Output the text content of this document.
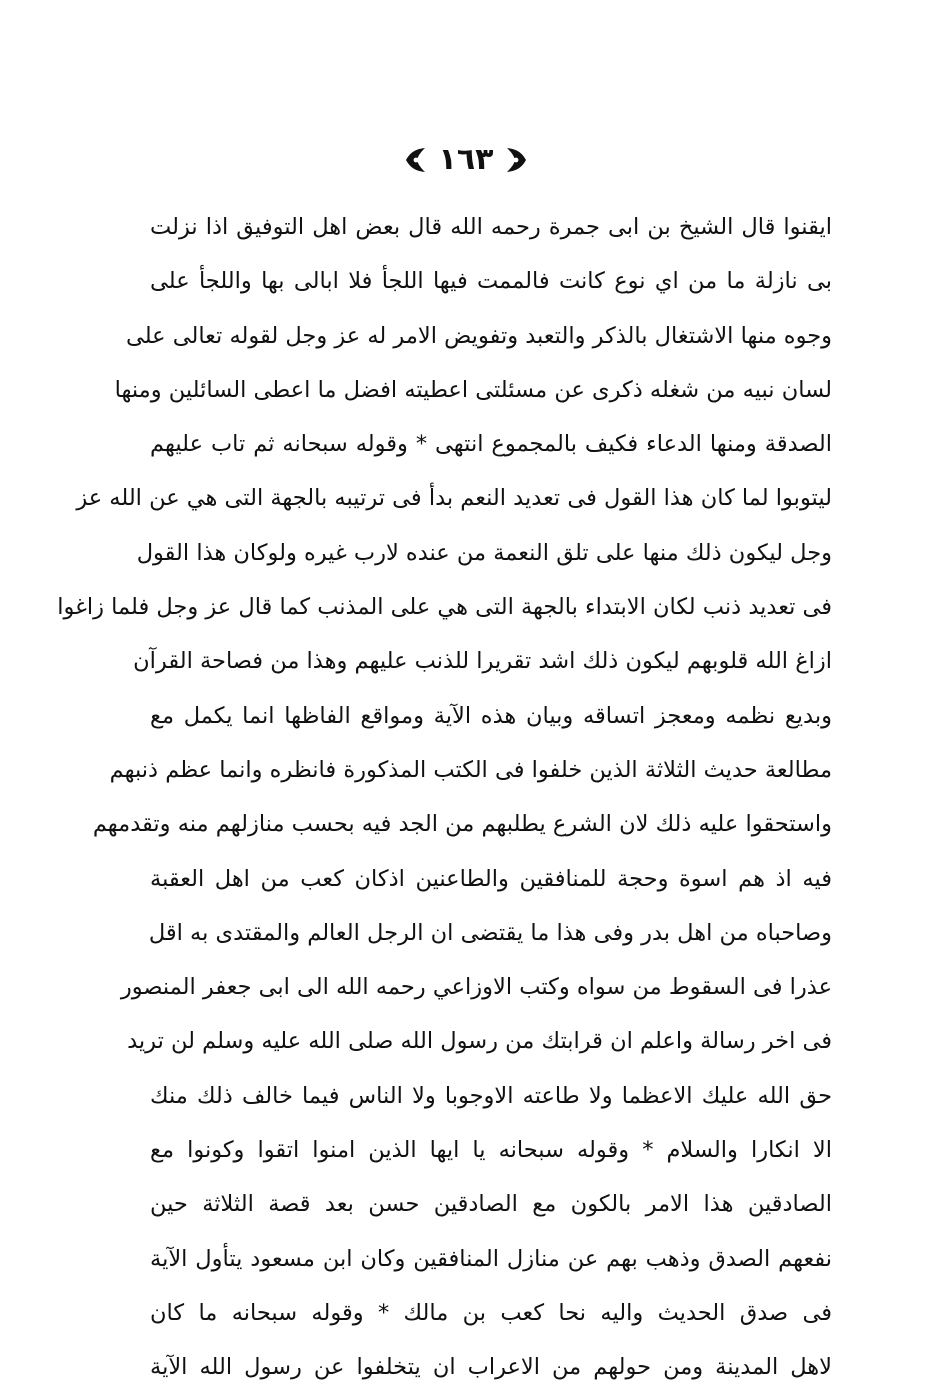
١٦٣
ايقنوا قال الشيخ بن ابى جمرة رحمه الله قال بعض اهل التوفيق اذا نزلت
بى نازلة ما من اي نوع كانت فالممت فيها اللجأ فلا ابالى بها واللجأ على
وجوه منها الاشتغال بالذكر والتعبد وتفويض الامر له عز وجل لقوله تعالى على
لسان نبيه من شغله ذكرى عن مسئلتى اعطيته افضل ما اعطى السائلين ومنها
الصدقة ومنها الدعاء فكيف بالمجموع انتهى * وقوله سبحانه ثم تاب عليهم
ليتوبوا لما كان هذا القول فى تعديد النعم بدأ فى ترتيبه بالجهة التى هي عن الله عز
وجل ليكون ذلك منها على تلق النعمة من عنده لارب غيره ولوكان هذا القول
فى تعديد ذنب لكان الابتداء بالجهة التى هي على المذنب كما قال عز وجل فلما زاغوا
ازاغ الله قلوبهم ليكون ذلك اشد تقريرا للذنب عليهم وهذا من فصاحة القرآن
وبديع نظمه ومعجز اتساقه وبيان هذه الآية ومواقع الفاظها انما يكمل مع
مطالعة حديث الثلاثة الذين خلفوا فى الكتب المذكورة فانظره وانما عظم ذنبهم
واستحقوا عليه ذلك لان الشرع يطلبهم من الجد فيه بحسب منازلهم منه وتقدمهم
فيه اذ هم اسوة وحجة للمنافقين والطاعنين اذكان كعب من اهل العقبة
وصاحباه من اهل بدر وفى هذا ما يقتضى ان الرجل العالم والمقتدى به اقل
عذرا فى السقوط من سواه وكتب الاوزاعي رحمه الله الى ابى جعفر المنصور
فى اخر رسالة واعلم ان قرابتك من رسول الله صلى الله عليه وسلم لن تريد
حق الله عليك الاعظما ولا طاعته الاوجوبا ولا الناس فيما خالف ذلك منك
الا انكارا والسلام * وقوله سبحانه يا ايها الذين امنوا اتقوا وكونوا مع
الصادقين هذا الامر بالكون مع الصادقين حسن بعد قصة الثلاثة حين
نفعهم الصدق وذهب بهم عن منازل المنافقين وكان ابن مسعود يتأول الآية
فى صدق الحديث واليه نحا كعب بن مالك * وقوله سبحانه ما كان
لاهل المدينة ومن حولهم من الاعراب ان يتخلفوا عن رسول الله الآية
